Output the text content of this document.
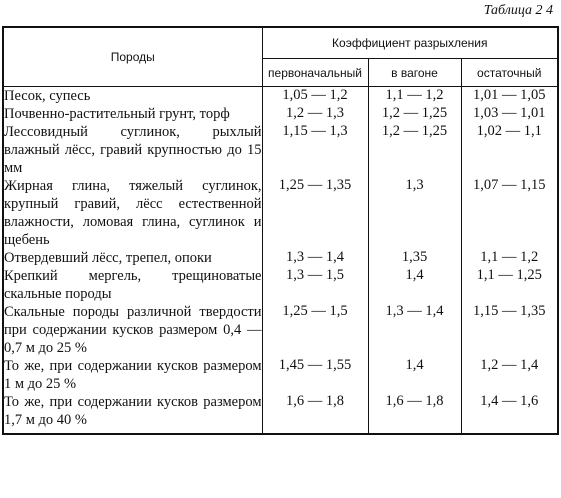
Таблица 2 4
Породы	Коэффициент разрыхления		
	первоначальный	в вагоне	остаточный
Песок, супесь	1,05 — 1,2	1,1 — 1,2	1,01 — 1,05
Почвенно-растительный грунт, торф	1,2 — 1,3	1,2 — 1,25	1,03 — 1,01
Лессовидный суглинок, рыхлый влажный лёсс, гравий крупностью до 15 мм	1,15 — 1,3	1,2 — 1,25	1,02 — 1,1
Жирная глина, тяжелый суглинок, крупный гравий, лёсс естественной влажности, ломовая глина, суглинок и щебень	1,25 — 1,35	1,3	1,07 — 1,15
Отвердевший лёсс, трепел, опоки	1,3 — 1,4	1,35	1,1 — 1,2
Крепкий мергель, трещиноватые скальные породы	1,3 — 1,5	1,4	1,1 — 1,25
Скальные породы различной твердости при содержании кусков размером 0,4 — 0,7 м до 25 %	1,25 — 1,5	1,3 — 1,4	1,15 — 1,35
То же, при содержании кусков размером 1 м до 25 %	1,45 — 1,55	1,4	1,2 — 1,4
То же, при содержании кусков размером 1,7 м до 40 %	1,6 — 1,8	1,6 — 1,8	1,4 — 1,6
